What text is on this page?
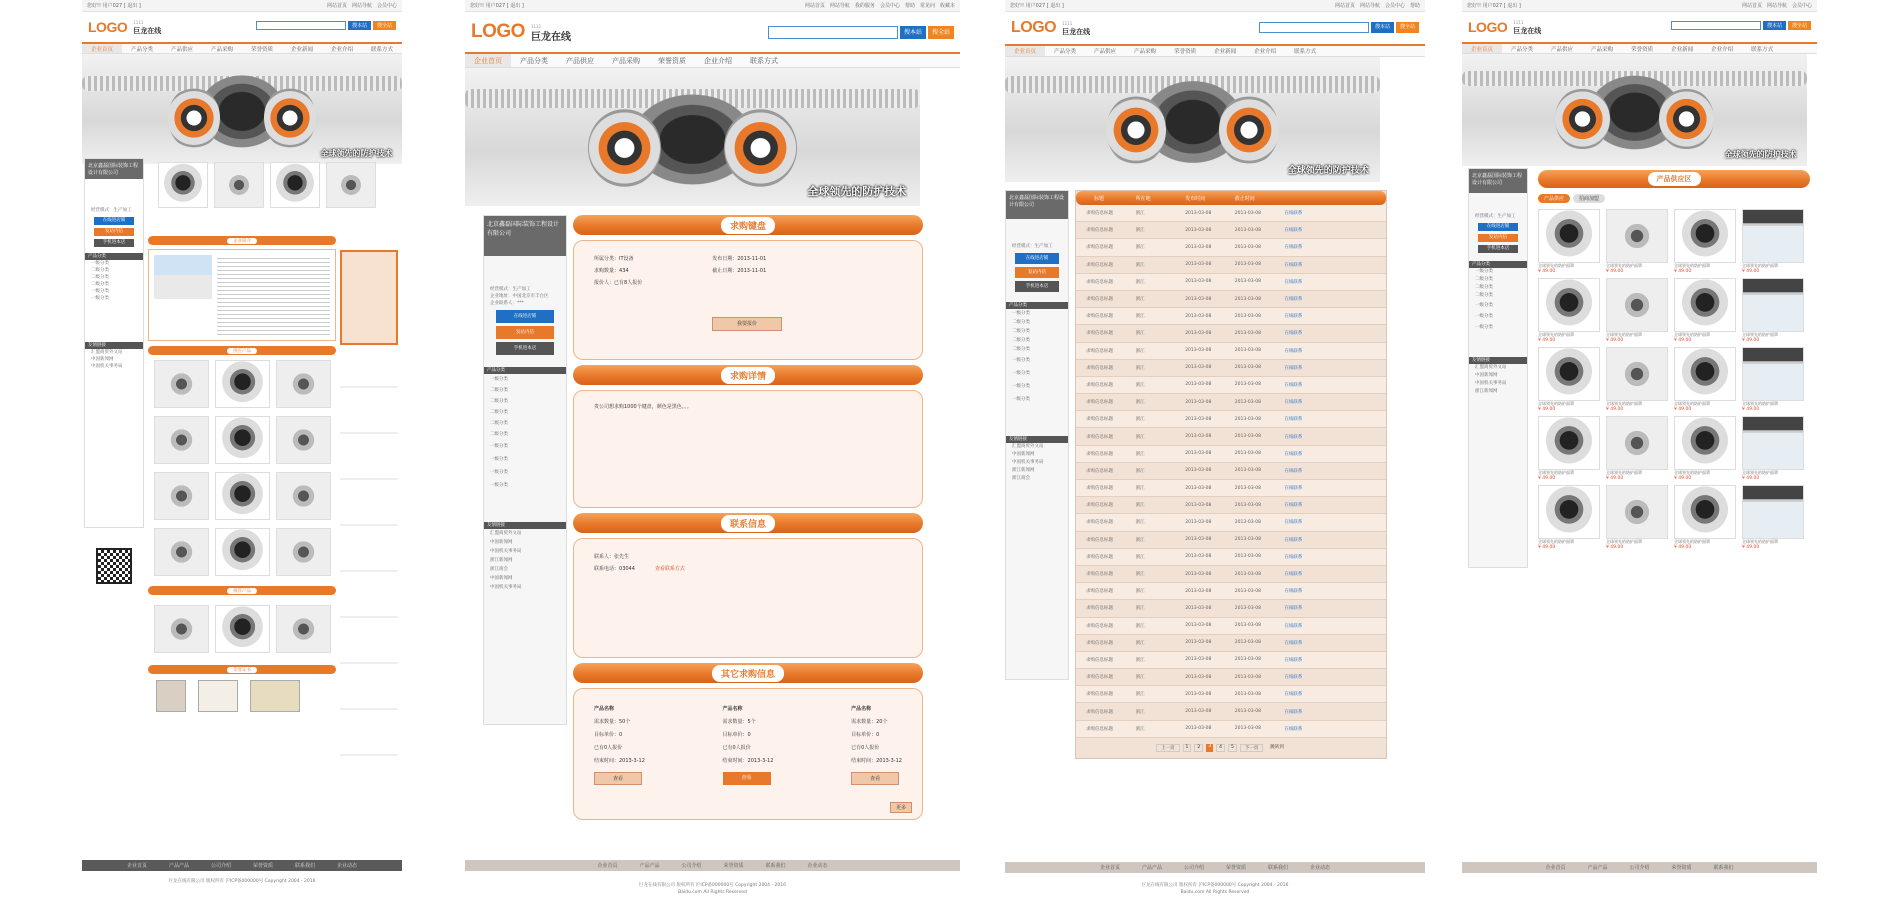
您好!! 用户027 [ 退出 ]	网站首页 网站导航 会员中心
LOGO 1111
巨龙在线
搜本站	搜全站
企业首页	产品分类	产品供应	产品采购	荣誉资质	企业新闻	企业介绍	联系方式
全球领先的防护技术
北京鑫磊国际装饰工程设计有限公司
经营模式：生产加工
在线进店铺
发站内信
手机进本店
产品分类
一级分类
二级分类
二级分类
二级分类
一级分类
一级分类
友情链接
汇盟商贸外文站
中国新闻网
中国机关事务局
企业简介
供应产品
推荐产品
荣誉证书
企业首页	产品产品	公司介绍	荣誉资质	联系我们	企业动态
巨龙在线有限公司 版权所有 沪ICP备000000号 Copyright 2004 - 2016
您好!! 用户027 [ 退出 ]	网站首页 网站导航 我的服务 会员中心 帮助 常见问 收藏本
LOGO 1111
巨龙在线	搜本站	搜全站
企业首页	产品分类	产品供应	产品采购	荣誉资质	企业介绍	联系方式
全球领先的防护技术
北京鑫磊国际装饰工程设计有限公司
经营模式：生产加工
企业地址：中国北京市丰台区
企业联系人：***
在线进店铺
发站内信
手机进本店
产品分类
一级分类
二级分类
二级分类
二级分类
二级分类
二级分类
一级分类
一级分类
一级分类
一级分类
友情链接
汇盟商贸外文站
中国新闻网
中国机关事务局
浙江新闻网
浙江商会
中国新闻网
中国机关事务局
求购键盘
所属分类：IT设备
求购数量：434
报价人：已有8人报价
发布日期：2013-11-01
截止日期：2013-11-01
我要报价
求购详情
贵公司想求购1000个键盘，颜色是黑色。。。
联系信息
联系人：张先生
联系电话：03044	查看联系方式
其它求购信息
产品名称
需求数量：50个
目标单价：0
已有0人报价
结束时间：2013-3-12
查看
产品名称
需求数量：5个
目标单价：0
已有0人报价
结束时间：2013-3-12
查看
产品名称
需求数量：20个
目标单价：0
已有0人报价
结束时间：2013-3-12
查看
更多
企业首页	产品产品	公司介绍	荣誉资质	联系我们	企业动态
巨龙在线有限公司 版权所有 沪ICP备000000号 Copyright 2004 - 2016
Baidu.com All Rights Reserved
您好!! 用户027 [ 退出 ]	网站首页 网站导航 会员中心 帮助
LOGO 1111
巨龙在线
搜本站	搜全站
企业首页	产品分类	产品供应	产品采购	荣誉资质	企业新闻	企业介绍	联系方式
全球领先的防护技术
北京鑫磊国际装饰工程设计有限公司
经营模式：生产加工
在线进店铺
发站内信
手机进本店
产品分类
一级分类
二级分类
二级分类
二级分类
二级分类
一级分类
一级分类
一级分类
一级分类
友情链接
汇盟商贸外文站
中国新闻网
中国机关事务局
浙江新闻网
浙江商会
标题	所在地	发布时间	截止时间
求购信息标题	浙江	2013-03-08	2013-03-08	在线联系
求购信息标题	浙江	2013-03-08	2013-03-08	在线联系
求购信息标题	浙江	2013-03-08	2013-03-08	在线联系
求购信息标题	浙江	2013-03-08	2013-03-08	在线联系
求购信息标题	浙江	2013-03-08	2013-03-08	在线联系
求购信息标题	浙江	2013-03-08	2013-03-08	在线联系
求购信息标题	浙江	2013-03-08	2013-03-08	在线联系
求购信息标题	浙江	2013-03-08	2013-03-08	在线联系
求购信息标题	浙江	2013-03-08	2013-03-08	在线联系
求购信息标题	浙江	2013-03-08	2013-03-08	在线联系
求购信息标题	浙江	2013-03-08	2013-03-08	在线联系
求购信息标题	浙江	2013-03-08	2013-03-08	在线联系
求购信息标题	浙江	2013-03-08	2013-03-08	在线联系
求购信息标题	浙江	2013-03-08	2013-03-08	在线联系
求购信息标题	浙江	2013-03-08	2013-03-08	在线联系
求购信息标题	浙江	2013-03-08	2013-03-08	在线联系
求购信息标题	浙江	2013-03-08	2013-03-08	在线联系
求购信息标题	浙江	2013-03-08	2013-03-08	在线联系
求购信息标题	浙江	2013-03-08	2013-03-08	在线联系
求购信息标题	浙江	2013-03-08	2013-03-08	在线联系
求购信息标题	浙江	2013-03-08	2013-03-08	在线联系
求购信息标题	浙江	2013-03-08	2013-03-08	在线联系
求购信息标题	浙江	2013-03-08	2013-03-08	在线联系
求购信息标题	浙江	2013-03-08	2013-03-08	在线联系
求购信息标题	浙江	2013-03-08	2013-03-08	在线联系
求购信息标题	浙江	2013-03-08	2013-03-08	在线联系
求购信息标题	浙江	2013-03-08	2013-03-08	在线联系
求购信息标题	浙江	2013-03-08	2013-03-08	在线联系
求购信息标题	浙江	2013-03-08	2013-03-08	在线联系
求购信息标题	浙江	2013-03-08	2013-03-08	在线联系
求购信息标题	浙江	2013-03-08	2013-03-08	在线联系
上一页	1	2	3	4	5	下一页	跳转到
企业首页	产品产品	公司介绍	荣誉资质	联系我们	企业动态
巨龙在线有限公司 版权所有 沪ICP备000000号 Copyright 2004 - 2016
Baidu.com All Rights Reserved
您好!! 用户027 [ 退出 ]	网站首页 网站导航 会员中心
LOGO 1111
巨龙在线
搜本站	搜全站
企业首页	产品分类	产品供应	产品采购	荣誉资质	企业新闻	企业介绍	联系方式
全球领先的防护技术
北京鑫磊国际装饰工程设计有限公司
经营模式：生产加工
在线进店铺
发站内信
手机进本店
产品分类
一级分类
二级分类
二级分类
二级分类
一级分类
一级分类
一级分类
友情链接
汇盟商贸外文站
中国新闻网
中国机关事务局
浙江新闻网
产品供应区
产品供应	招商加盟
全球领先的防护面罩
¥ 49.00
全球领先的防护面罩
¥ 49.00
全球领先的防护面罩
¥ 49.00
全球领先的防护面罩
¥ 49.00
全球领先的防护面罩
¥ 49.00
全球领先的防护面罩
¥ 49.00
全球领先的防护面罩
¥ 49.00
全球领先的防护面罩
¥ 49.00
全球领先的防护面罩
¥ 49.00
全球领先的防护面罩
¥ 49.00
全球领先的防护面罩
¥ 49.00
全球领先的防护面罩
¥ 49.00
全球领先的防护面罩
¥ 49.00
全球领先的防护面罩
¥ 49.00
全球领先的防护面罩
¥ 49.00
全球领先的防护面罩
¥ 49.00
全球领先的防护面罩
¥ 49.00
全球领先的防护面罩
¥ 49.00
全球领先的防护面罩
¥ 49.00
全球领先的防护面罩
¥ 49.00
企业首页	产品产品	公司介绍	荣誉资质	联系我们
